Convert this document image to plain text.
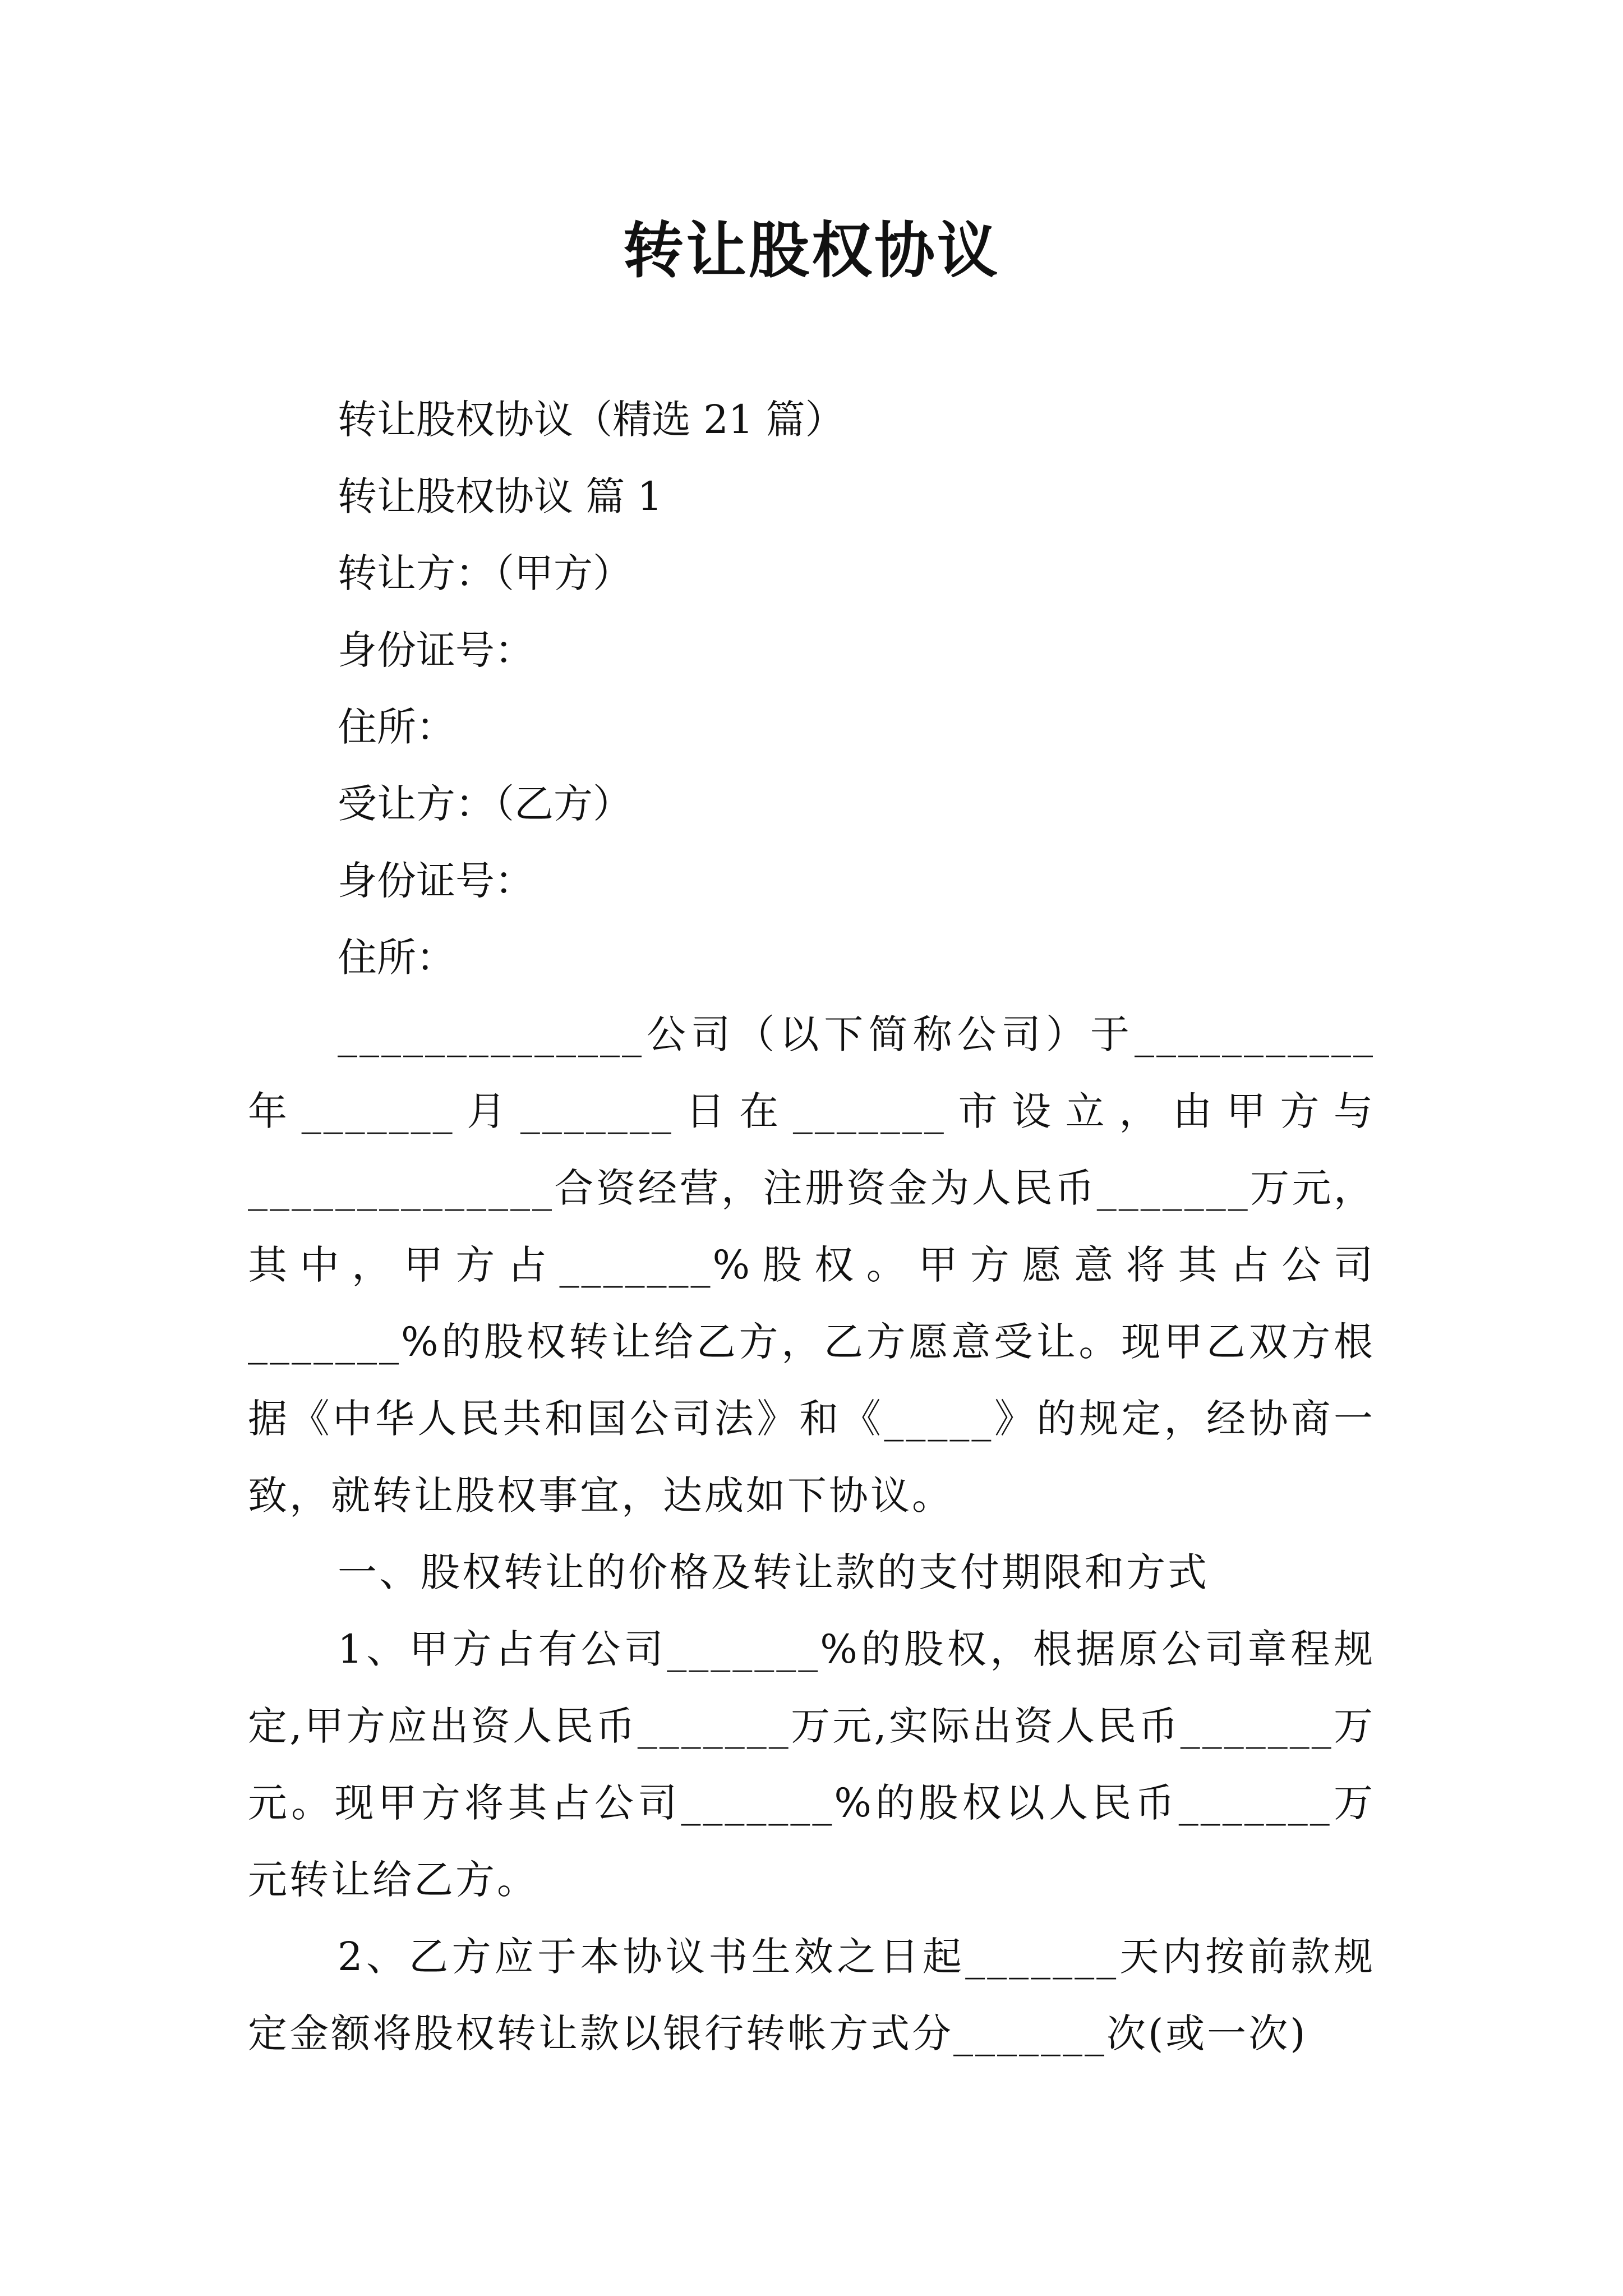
转让股权协议
转让股权协议（精选 21 篇）
转让股权协议 篇 1
转让方：（甲方）
身份证号：
住所：
受让方：（乙方）
身份证号：
住所：
______________公司（以下简称公司）于___________年_______月_______日在_______市设立，由甲方与______________合资经营，注册资金为人民币_______万元，其中，甲方占_______%股权。甲方愿意将其占公司_______%的股权转让给乙方，乙方愿意受让。现甲乙双方根据《中华人民共和国公司法》和《_____》的规定，经协商一致，就转让股权事宜，达成如下协议。
一、股权转让的价格及转让款的支付期限和方式
1、甲方占有公司_______%的股权，根据原公司章程规定,甲方应出资人民币_______万元,实际出资人民币_______万元。现甲方将其占公司_______%的股权以人民币_______万元转让给乙方。
2、乙方应于本协议书生效之日起_______天内按前款规定金额将股权转让款以银行转帐方式分_______次(或一次)
